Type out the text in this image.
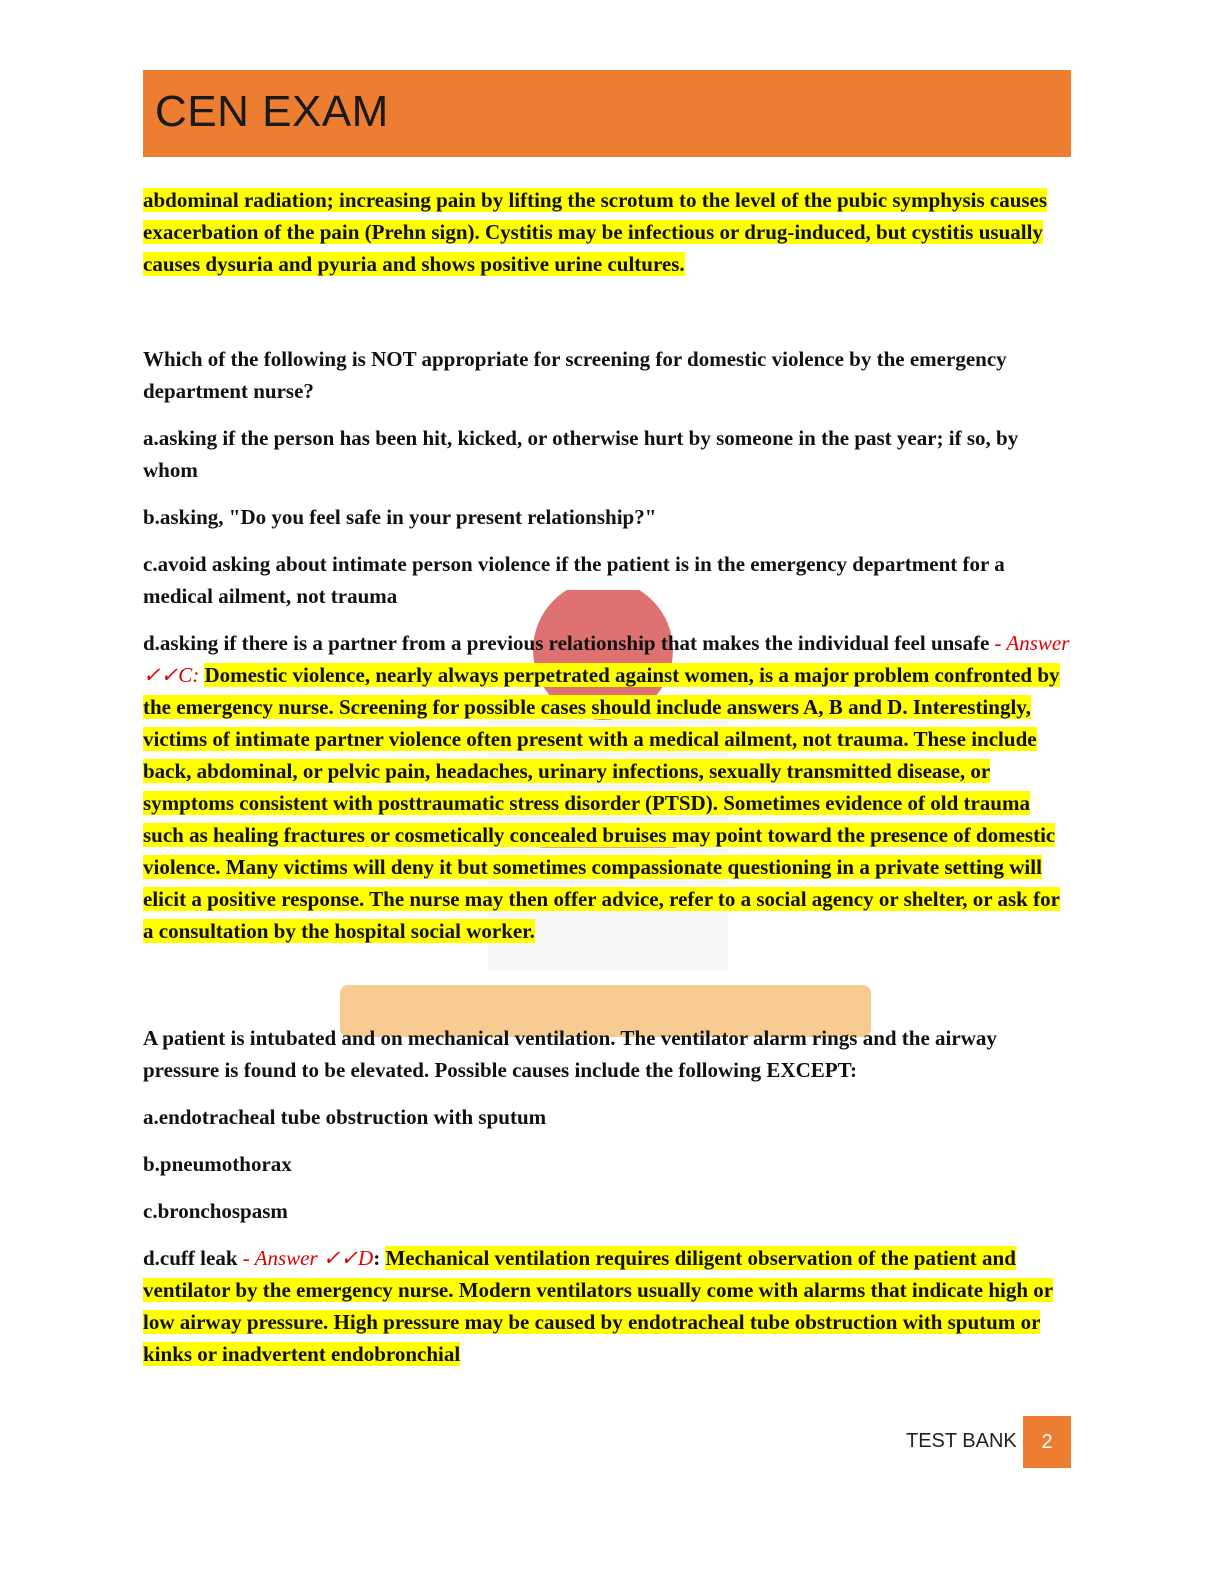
CEN EXAM

abdominal radiation; increasing pain by lifting the scrotum to the level of the pubic symphysis causes exacerbation of the pain (Prehn sign). Cystitis may be infectious or drug-induced, but cystitis usually causes dysuria and pyuria and shows positive urine cultures.

Which of the following is NOT appropriate for screening for domestic violence by the emergency department nurse?

a.asking if the person has been hit, kicked, or otherwise hurt by someone in the past year; if so, by whom

b.asking, "Do you feel safe in your present relationship?"

c.avoid asking about intimate person violence if the patient is in the emergency department for a medical ailment, not trauma

d.asking if there is a partner from a previous relationship that makes the individual feel unsafe - Answer ✓✓C: Domestic violence, nearly always perpetrated against women, is a major problem confronted by the emergency nurse. Screening for possible cases should include answers A, B and D. Interestingly, victims of intimate partner violence often present with a medical ailment, not trauma. These include back, abdominal, or pelvic pain, headaches, urinary infections, sexually transmitted disease, or symptoms consistent with posttraumatic stress disorder (PTSD). Sometimes evidence of old trauma such as healing fractures or cosmetically concealed bruises may point toward the presence of domestic violence. Many victims will deny it but sometimes compassionate questioning in a private setting will elicit a positive response. The nurse may then offer advice, refer to a social agency or shelter, or ask for a consultation by the hospital social worker.

A patient is intubated and on mechanical ventilation. The ventilator alarm rings and the airway pressure is found to be elevated. Possible causes include the following EXCEPT:

a.endotracheal tube obstruction with sputum

b.pneumothorax

c.bronchospasm

d.cuff leak - Answer ✓✓D: Mechanical ventilation requires diligent observation of the patient and ventilator by the emergency nurse. Modern ventilators usually come with alarms that indicate high or low airway pressure. High pressure may be caused by endotracheal tube obstruction with sputum or kinks or inadvertent endobronchial

TEST BANK	2
